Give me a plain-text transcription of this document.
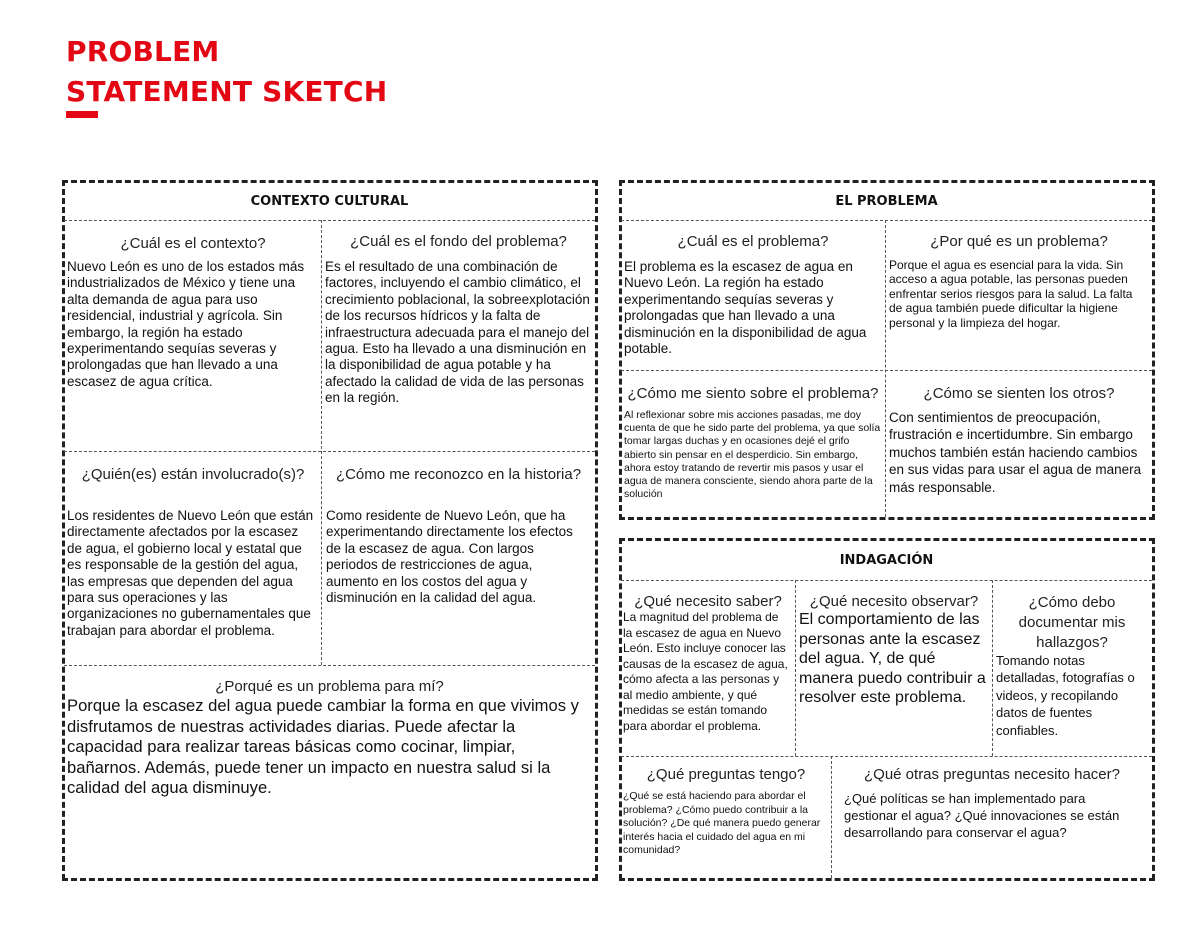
PROBLEM
STATEMENT SKETCH
CONTEXTO CULTURAL
¿Cuál es el contexto?
Nuevo León es uno de los estados más industrializados de México y tiene una alta demanda de agua para uso residencial, industrial y agrícola. Sin embargo, la región ha estado experimentando sequías severas y prolongadas que han llevado a una escasez de agua crítica.
¿Cuál es el fondo del problema?
Es el resultado de una combinación de factores, incluyendo el cambio climático, el crecimiento poblacional, la sobreexplotación de los recursos hídricos y la falta de infraestructura adecuada para el manejo del agua. Esto ha llevado a una disminución en la disponibilidad de agua potable y ha afectado la calidad de vida de las personas en la región.
¿Quién(es) están involucrado(s)?
Los residentes de Nuevo León que están directamente afectados por la escasez de agua, el gobierno local y estatal que es responsable de la gestión del agua, las empresas que dependen del agua para sus operaciones y las organizaciones no gubernamentales que trabajan para abordar el problema.
¿Cómo me reconozco en la historia?
Como residente de Nuevo León, que ha experimentando directamente los efectos de la escasez de agua. Con largos periodos de restricciones de agua, aumento en los costos del agua y disminución en la calidad del agua.
¿Porqué es un problema para mí?
Porque la escasez del agua puede cambiar la forma en que vivimos y disfrutamos de nuestras actividades diarias. Puede afectar la capacidad para realizar tareas básicas como cocinar, limpiar, bañarnos. Además, puede tener un impacto en nuestra salud si la calidad del agua disminuye.
EL PROBLEMA
¿Cuál es el problema?
El problema es la escasez de agua en Nuevo León. La región ha estado experimentando sequías severas y prolongadas que han llevado a una disminución en la disponibilidad de agua potable.
¿Por qué es un problema?
Porque el agua es esencial para la vida. Sin acceso a agua potable, las personas pueden enfrentar serios riesgos para la salud. La falta de agua también puede dificultar la higiene personal y la limpieza del hogar.
¿Cómo me siento sobre el problema?
Al reflexionar sobre mis acciones pasadas, me doy cuenta de que he sido parte del problema, ya que solía tomar largas duchas y en ocasiones dejé el grifo abierto sin pensar en el desperdicio. Sin embargo, ahora estoy tratando de revertir mis pasos y usar el agua de manera consciente, siendo ahora parte de la solución
¿Cómo se sienten los otros?
Con sentimientos de preocupación, frustración e incertidumbre. Sin embargo muchos también están haciendo cambios en sus vidas para usar el agua de manera más responsable.
INDAGACIÓN
¿Qué necesito saber?
La magnitud del problema de la escasez de agua en Nuevo León. Esto incluye conocer las causas de la escasez de agua, cómo afecta a las personas y al medio ambiente, y qué medidas se están tomando para abordar el problema.
¿Qué necesito observar?
El comportamiento de las personas ante la escasez del agua. Y, de qué manera puedo contribuir a resolver este problema.
¿Cómo debo documentar mis hallazgos?
Tomando notas detalladas, fotografías o videos, y recopilando datos de fuentes confiables.
¿Qué preguntas tengo?
¿Qué se está haciendo para abordar el problema? ¿Cómo puedo contribuir a la solución? ¿De qué manera puedo generar interés hacia el cuidado del agua en mi comunidad?
¿Qué otras preguntas necesito hacer?
¿Qué políticas se han implementado para gestionar el agua? ¿Qué innovaciones se están desarrollando para conservar el agua?
